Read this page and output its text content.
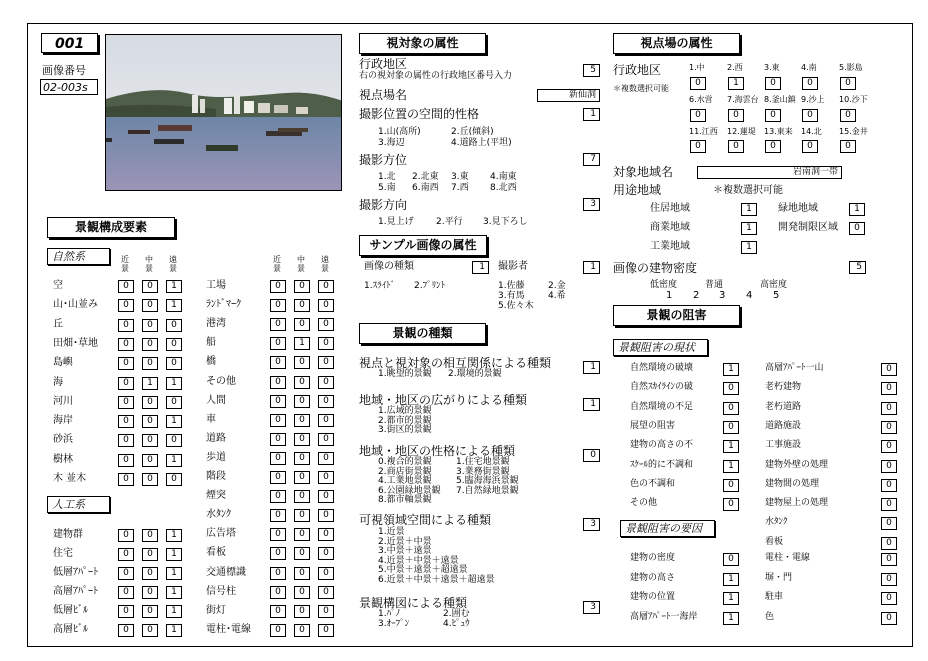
001
画像番号
02-003s
景観構成要素
自然系
人工系
近景
中景
遠景
近景
中景
遠景
空	0	0	1
山･山並み	0	0	1
丘	0	0	0
田畑･草地	0	0	0
島嶼	0	0	0
海	0	1	1
河川	0	0	0
海岸	0	0	1
砂浜	0	0	0
樹林	0	0	1
木 並木	0	0	0
建物群	0	0	1
住宅	0	0	1
低層ｱﾊﾟｰﾄ	0	0	1
高層ｱﾊﾟｰﾄ	0	0	1
低層ﾋﾞﾙ	0	0	1
高層ﾋﾞﾙ	0	0	1
工場	0	0	0
ﾗﾝﾄﾞﾏｰｸ	0	0	0
港湾	0	0	0
船	0	1	0
橋	0	0	0
その他	0	0	0
人間	0	0	0
車	0	0	0
道路	0	0	0
歩道	0	0	0
階段	0	0	0
煙突	0	0	0
水ﾀﾝｸ	0	0	0
広告塔	0	0	0
看板	0	0	0
交通標識	0	0	0
信号柱	0	0	0
街灯	0	0	0
電柱･電線	0	0	0
視対象の属性
行政地区	5
右の視対象の属性の行政地区番号入力
視点場名	新仙洞
撮影位置の空間的性格	1
1.山(高所)	2.丘(傾斜)
3.海辺	4.道路上(平坦)
撮影方位	7
1.北 2.北東 3.東 4.南東
5.南 6.南西 7.西 8.北西
撮影方向	3
1.見上げ 2.平行 3.見下ろし
サンプル画像の属性
画像の種類	1	撮影者	1
1.ｽﾗｲﾄﾞ 2.ﾌﾟﾘﾝﾄ	1.佐藤	2.金
3.有馬	4.希
5.佐々木
景観の種類
視点と視対象の相互関係による種類	1
1.眺望的景観 2.環境的景観
地域・地区の広がりによる種類	1
1.広域的景観
2.都市的景観
3.街区的景観
地域・地区の性格による種類	0
0.複合的景観	1.住宅地景観
2.商店街景観	3.業務街景観
4.工業地景観	5.臨海海浜景観
6.公園緑地景観 7.自然緑地景観
8.都市軸景観
可視領域空間による種類	3
1.近景
2.近景＋中景
3.中景＋遠景
4.近景＋中景＋遠景
5.中景＋遠景＋超遠景
6.近景＋中景＋遠景＋超遠景
景観構図による種類	3
1.ﾊﾟﾉ	2.囲む
3.ｵｰﾌﾟﾝ	4.ﾋﾟｭｳ
視点場の属性
行政地区
＊複数選択可能
1.中
0
2.西
1
3.東
0
4.南
0
5.影島
0
6.水営
0
7.海雲台
0
8.釜山鎮
0
9.沙上
0
10.沙下
0
11.江西
0
12.蓮堤
0
13.東来
0
14.北
0
15.金井
0
対象地域名	岩南洞一帯
用途地域	＊複数選択可能
住居地域	1	緑地地域	1
商業地域	1	開発制限区域	0
工業地域	1
画像の建物密度	5
低密度	普通	高密度
1 2 3 4 5
景観の阻害
景観阻害の現状
景観阻害の要因
自然環境の破壊	1
自然ｽｶｲﾗｲﾝの破	0
自然環境の不足	0
展望の阻害	0
建物の高さの不	1
ｽｹｰﾙ的に不調和	1
色の不調和	0
その他	0
高層ｱﾊﾟｰﾄ一山	0
老朽建物	0
老朽道路	0
道路施設	0
工事施設	0
建物外壁の処理	0
建物間の処理	0
建物屋上の処理	0
水ﾀﾝｸ	0
看板	0
建物の密度	0
建物の高さ	1
建物の位置	1
高層ｱﾊﾟｰﾄ一海岸	1
電柱・電線	0
塀・門	0
駐車	0
色	0
